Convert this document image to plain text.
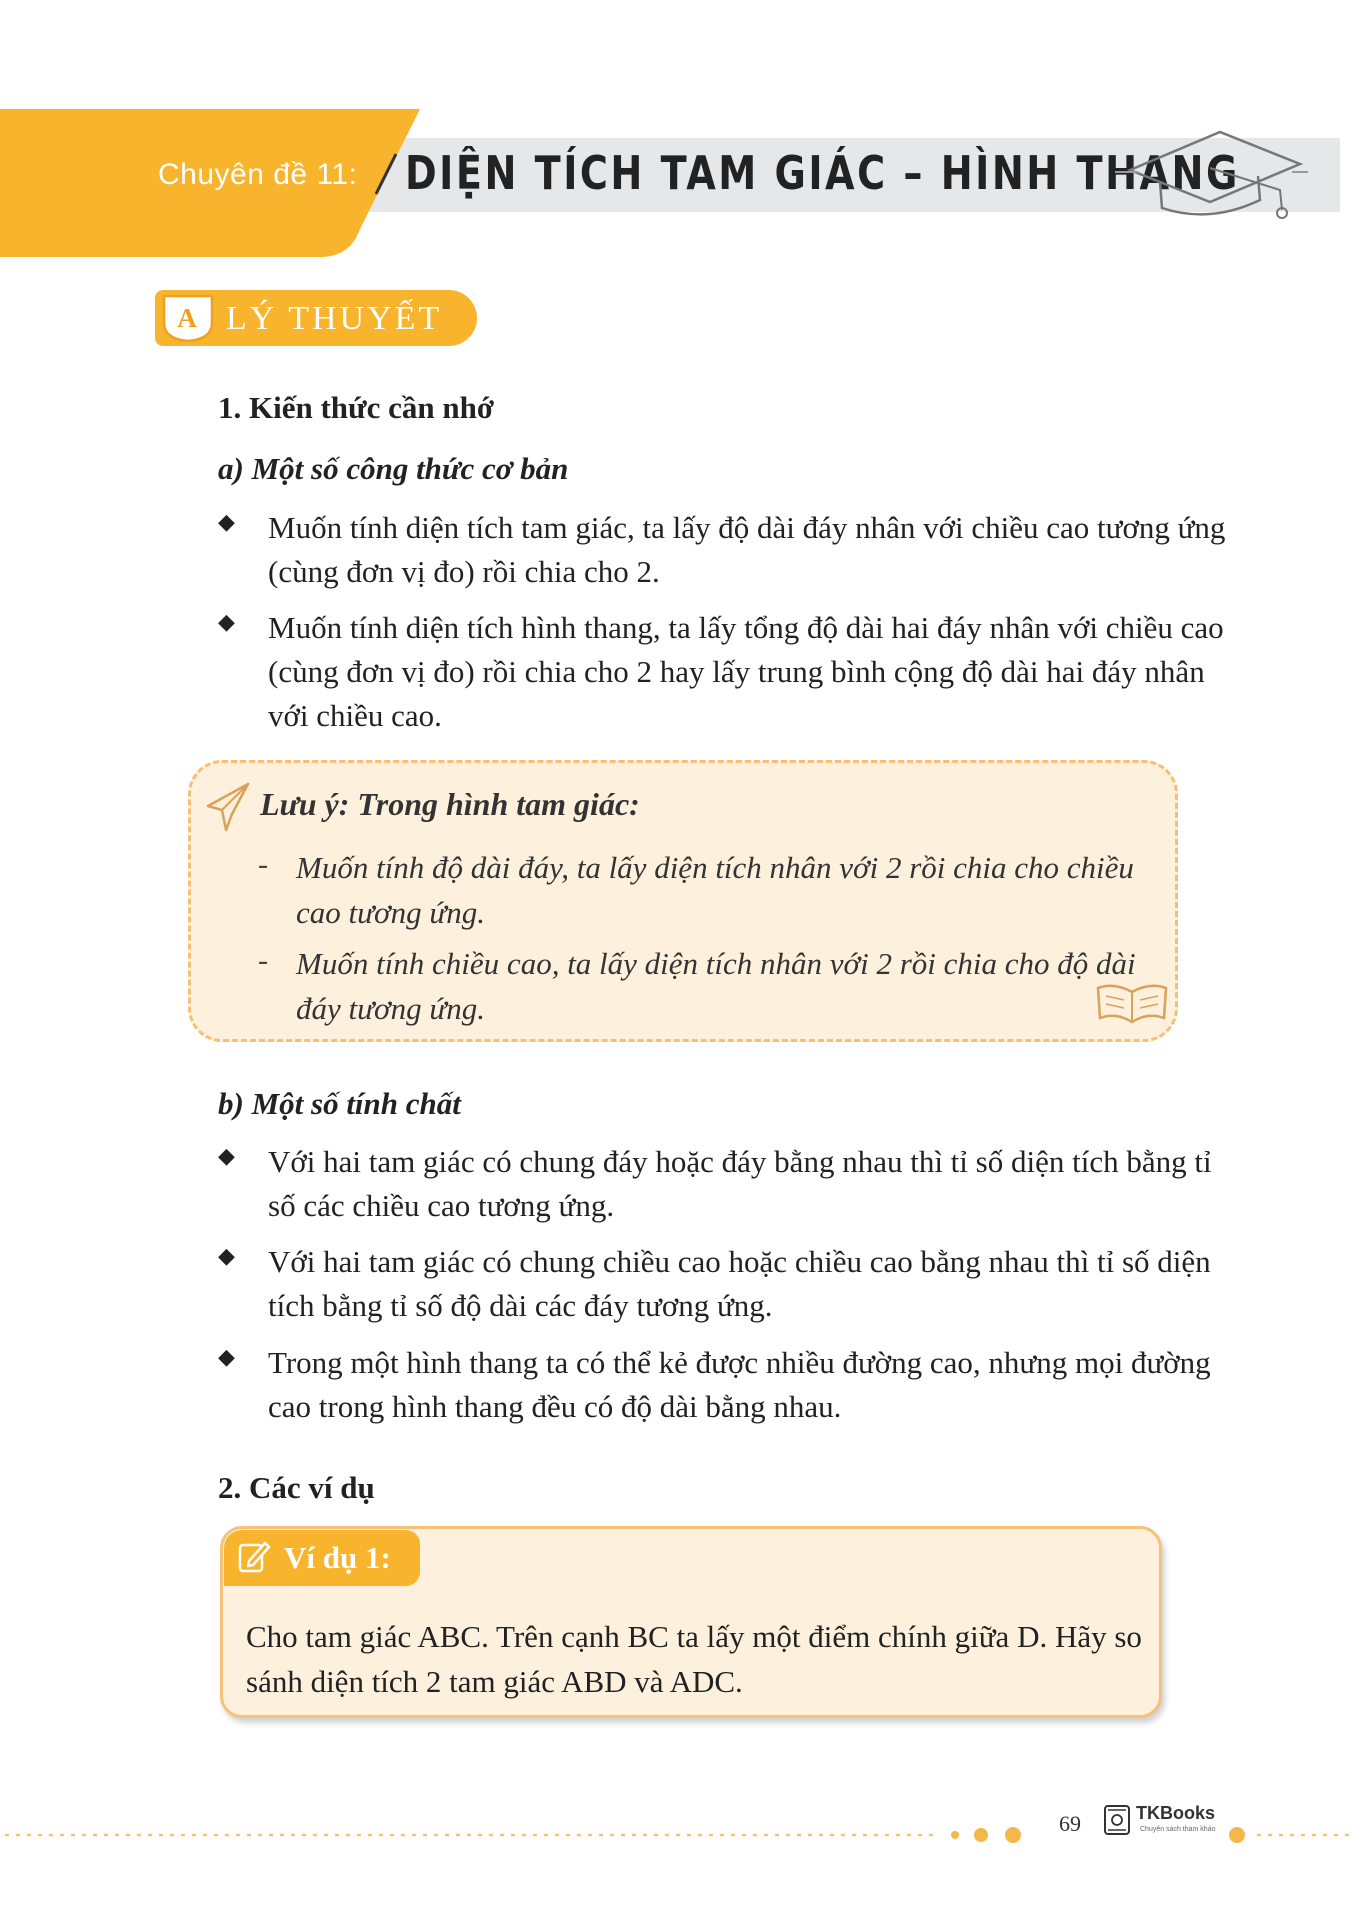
Chuyên đề 11: DIỆN TÍCH TAM GIÁC – HÌNH THANG
A LÝ THUYẾT
1. Kiến thức cần nhớ
a) Một số công thức cơ bản
◆ Muốn tính diện tích tam giác, ta lấy độ dài đáy nhân với chiều cao tương ứng (cùng đơn vị đo) rồi chia cho 2.
◆ Muốn tính diện tích hình thang, ta lấy tổng độ dài hai đáy nhân với chiều cao (cùng đơn vị đo) rồi chia cho 2 hay lấy trung bình cộng độ dài hai đáy nhân với chiều cao.
Lưu ý: Trong hình tam giác:
- Muốn tính độ dài đáy, ta lấy diện tích nhân với 2 rồi chia cho chiều cao tương ứng.
- Muốn tính chiều cao, ta lấy diện tích nhân với 2 rồi chia cho độ dài đáy tương ứng.
b) Một số tính chất
◆ Với hai tam giác có chung đáy hoặc đáy bằng nhau thì tỉ số diện tích bằng tỉ số các chiều cao tương ứng.
◆ Với hai tam giác có chung chiều cao hoặc chiều cao bằng nhau thì tỉ số diện tích bằng tỉ số độ dài các đáy tương ứng.
◆ Trong một hình thang ta có thể kẻ được nhiều đường cao, nhưng mọi đường cao trong hình thang đều có độ dài bằng nhau.
2. Các ví dụ
Ví dụ 1:
Cho tam giác ABC. Trên cạnh BC ta lấy một điểm chính giữa D. Hãy so sánh diện tích 2 tam giác ABD và ADC.
69	TKBooks
Chuyên sách tham khảo
